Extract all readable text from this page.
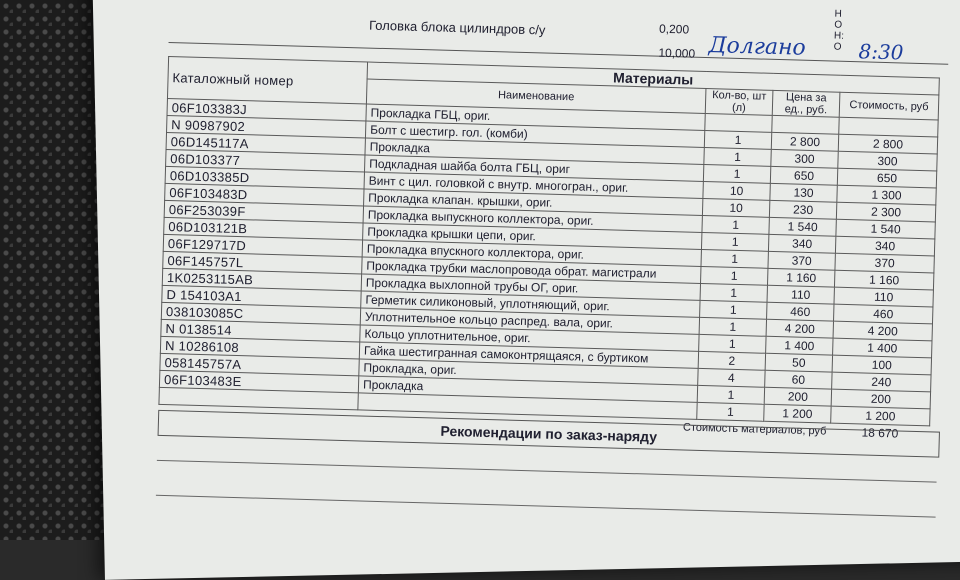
Головка блока цилиндров с/у	0,200
10,000
Н
О
Н:
О
Долгано	8:30
Каталожный номер	Материалы			
	Наименование	Кол-во, шт (л)	Цена за ед., руб.	Стоимость, руб
06F103383J	Прокладка ГБЦ, ориг.			
N 90987902	Болт с шестигр. гол. (комби)	1	2 800	2 800
06D145117A	Прокладка	1	300	300
06D103377	Подкладная шайба болта ГБЦ, ориг	1	650	650
06D103385D	Винт с цил. головкой с внутр. многогран., ориг.	10	130	1 300
06F103483D	Прокладка клапан. крышки, ориг.	10	230	2 300
06F253039F	Прокладка выпускного коллектора, ориг.	1	1 540	1 540
06D103121B	Прокладка крышки цепи, ориг.	1	340	340
06F129717D	Прокладка впускного коллектора, ориг.	1	370	370
06F145757L	Прокладка трубки маслопровода обрат. магистрали	1	1 160	1 160
1K0253115AB	Прокладка выхлопной трубы ОГ, ориг.	1	110	110
D 154103A1	Герметик силиконовый, уплотняющий, ориг.	1	460	460
038103085C	Уплотнительное кольцо распред. вала, ориг.	1	4 200	4 200
N 0138514	Кольцо уплотнительное, ориг.	1	1 400	1 400
N 10286108	Гайка шестигранная самоконтрящаяся, с буртиком	2	50	100
058145757A	Прокладка, ориг.	4	60	240
06F103483E	Прокладка	1	200	200
		1	1 200	1 200
Стоимость материалов, руб				18 670
Рекомендации по заказ-наряду
